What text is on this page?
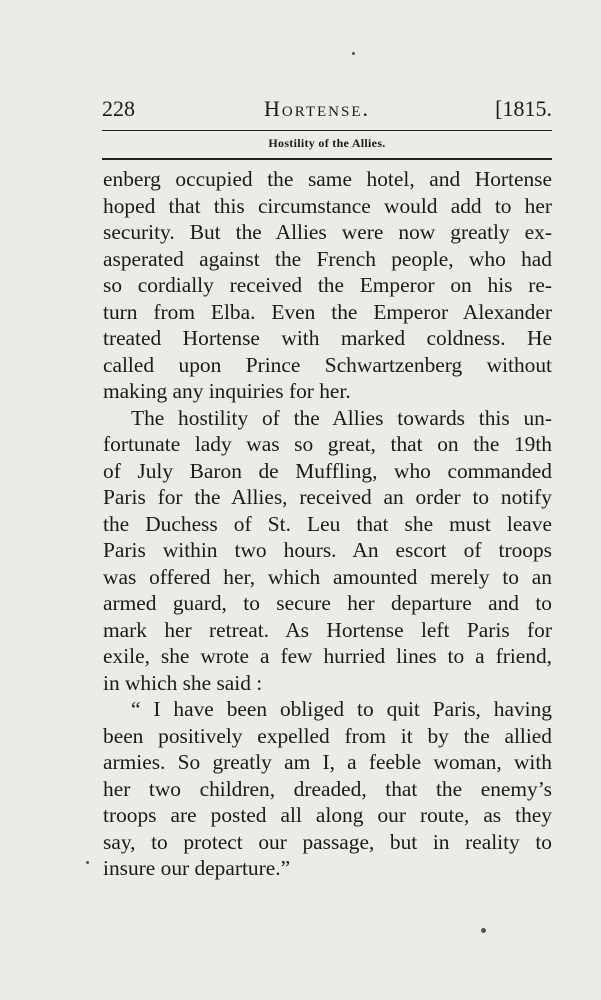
228	Hortense.	[1815.
Hostility of the Allies.
enberg occupied the same hotel, and Hortense
hoped that this circumstance would add to her
security. But the Allies were now greatly ex-
asperated against the French people, who had
so cordially received the Emperor on his re-
turn from Elba. Even the Emperor Alexander
treated Hortense with marked coldness. He
called upon Prince Schwartzenberg without
making any inquiries for her.
The hostility of the Allies towards this un-
fortunate lady was so great, that on the 19th
of July Baron de Muffling, who commanded
Paris for the Allies, received an order to notify
the Duchess of St. Leu that she must leave
Paris within two hours. An escort of troops
was offered her, which amounted merely to an
armed guard, to secure her departure and to
mark her retreat. As Hortense left Paris for
exile, she wrote a few hurried lines to a friend,
in which she said :
“ I have been obliged to quit Paris, having
been positively expelled from it by the allied
armies. So greatly am I, a feeble woman, with
her two children, dreaded, that the enemy’s
troops are posted all along our route, as they
say, to protect our passage, but in reality to
insure our departure.”
